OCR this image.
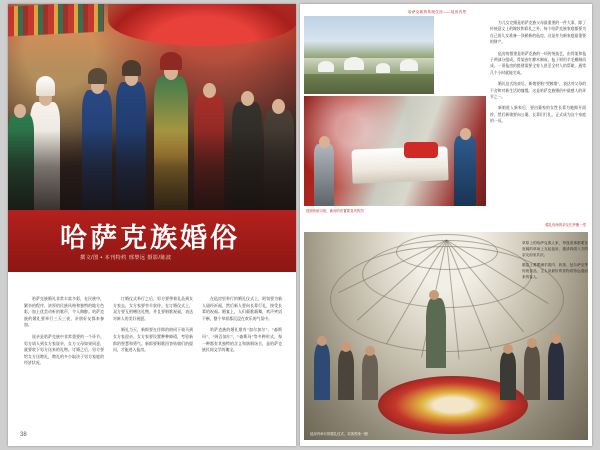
哈萨克族婚俗
撰文/图 • 本刊特约 邢黎远 摄影/陈波

哈萨克族婚礼非常丰富多彩，在民族中，繁杂的程序，浓厚的民族风格和独特的地方色彩，加上优美动听的歌声，令人陶醉。哈萨克族的婚礼要举行三天三夜，亲朋好友都来参加。

说亲是哈萨克族中非常重要的一个环节。男方请人到女方家说亲，女方父母如果同意，就要收下男方送来的礼物。订婚之后，男方要给女方送聘礼，聘礼的多少取决于男方家庭的经济状况。

订婚仪式举行之后，男方要带着礼品到女方家去，女方家要宰羊款待。在订婚仪式上，双方要互相赠送礼物，并且要唱歌祝福，表达对新人的美好祝愿。

婚礼当天，新郎要在伴郎的陪同下骑马到女方家迎亲。女方家要设置种种障碍，考验新郎的智慧和勇气。新郎要唱歌回答姑娘们的提问，才能进入毡房。

在毡房里举行的婚礼仪式上，阿訇要为新人诵经祈福，然后新人要向长辈行礼，接受长辈的祝福。婚宴上，人们载歌载舞，欢声笑语不断，整个草原都沉浸在欢乐的气氛中。

哈萨克族的婚礼歌有“加尔加尔”、“森斯玛”、“阿吾加尔”、“森斯玛”等多种形式，每一种都有其独特的含义和演唱场合，是哈萨克族民间文学的瑰宝。

38
哈萨克族的传统住房——毡房内景

为儿女完婚是哈萨克族父母最重要的一件大事，除了传统意义上的嫁妆和彩礼之外，每个哈萨克族家庭都要为自己的儿女准备一顶崭新的毡房，这是作为新家庭最重要的财产。

毡房的搭建是哈萨克族的一项传统技艺，由骨架和毡子两部分组成。骨架由红柳木制成，毡子则用羊毛擀制而成。一顶毡房的搭建需要全家人甚至全村人的帮助，通常几个小时就能完成。

婚礼仪式结束后，新娘要唱“哭嫁歌”，表达对父母的不舍和对新生活的憧憬。这是哈萨克族婚俗中最感人的环节之一。

新娘进入新家后，要由婆家的女性长辈为她揭开面纱，然后新娘要向公婆、长辈们行礼，正式成为这个家庭的一员。

按照传统习俗，新房的布置要喜庆热烈
婚礼现场的亲友们齐聚一堂
毡房内举行的婚礼仪式，宾客围坐一圈

草原上的哈萨克族人家，每逢喜事都要在宽阔的草场上支起毡房，邀请四面八方的亲友前来共庆。

婚宴上要摆满手抓肉、奶茶、包尔萨克等传统食品，主人用最好的食物款待远道而来的客人。
